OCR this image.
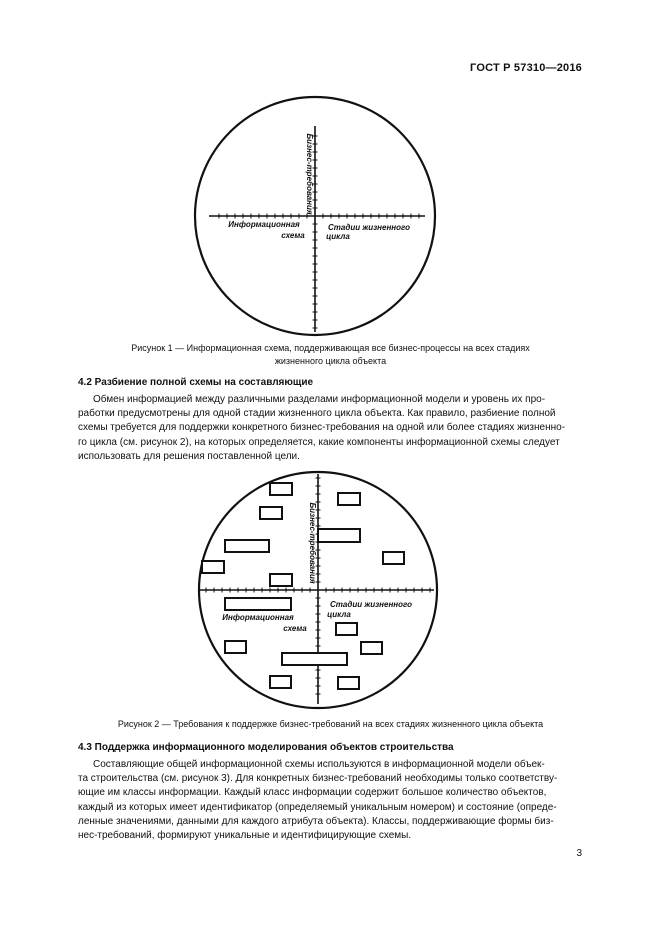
ГОСТ Р 57310—2016
Бизнес-требования
Информационная
схема
Стадии жизненного
цикла
Рисунок 1 — Информационная схема, поддерживающая все бизнес-процессы на всех стадиях
жизненного цикла объекта
4.2 Разбиение полной схемы на составляющие
Обмен информацией между различными разделами информационной модели и уровень их про-
работки предусмотрены для одной стадии жизненного цикла объекта. Как правило, разбиение полной
схемы требуется для поддержки конкретного бизнес-требования на одной или более стадиях жизненно-
го цикла (см. рисунок 2), на которых определяется, какие компоненты информационной схемы следует
использовать для решения поставленной цели.
Бизнес-требования
Информационная
схема
Стадии жизненного
цикла
Рисунок 2 — Требования к поддержке бизнес-требований на всех стадиях жизненного цикла объекта
4.3 Поддержка информационного моделирования объектов строительства
Составляющие общей информационной схемы используются в информационной модели объек-
та строительства (см. рисунок 3). Для конкретных бизнес-требований необходимы только соответству-
ющие им классы информации. Каждый класс информации содержит большое количество объектов,
каждый из которых имеет идентификатор (определяемый уникальным номером) и состояние (опреде-
ленные значениями, данными для каждого атрибута объекта). Классы, поддерживающие формы биз-
нес-требований, формируют уникальные и идентифицирующие схемы.
3
